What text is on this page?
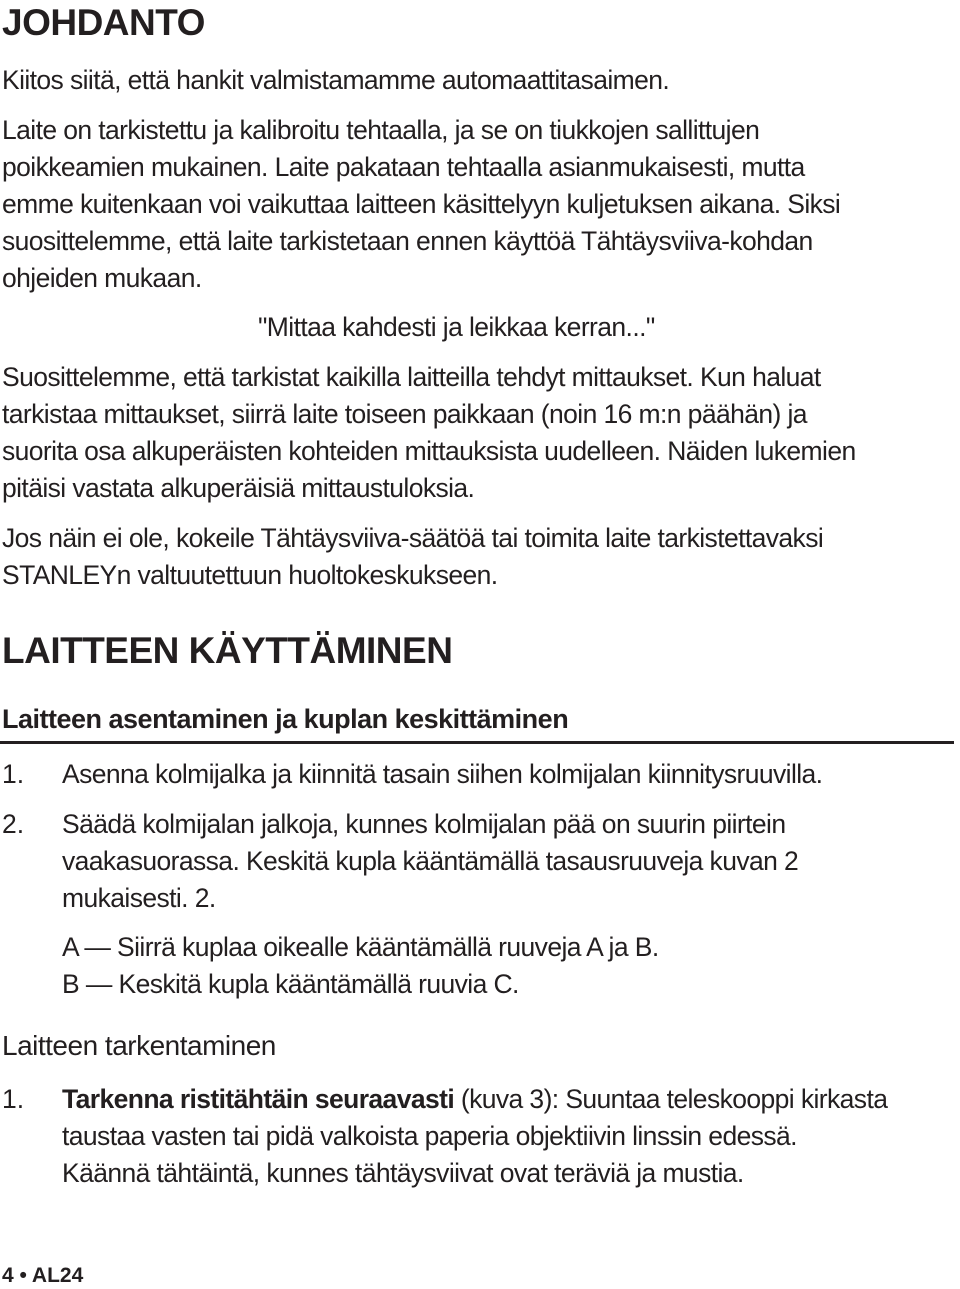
JOHDANTO
Kiitos siitä, että hankit valmistamamme automaattitasaimen.
Laite on tarkistettu ja kalibroitu tehtaalla, ja se on tiukkojen sallittujen
poikkeamien mukainen. Laite pakataan tehtaalla asianmukaisesti, mutta
emme kuitenkaan voi vaikuttaa laitteen käsittelyyn kuljetuksen aikana. Siksi
suosittelemme, että laite tarkistetaan ennen käyttöä Tähtäysviiva-kohdan
ohjeiden mukaan.
"Mittaa kahdesti ja leikkaa kerran..."
Suosittelemme, että tarkistat kaikilla laitteilla tehdyt mittaukset. Kun haluat
tarkistaa mittaukset, siirrä laite toiseen paikkaan (noin 16 m:n päähän) ja
suorita osa alkuperäisten kohteiden mittauksista uudelleen. Näiden lukemien
pitäisi vastata alkuperäisiä mittaustuloksia.
Jos näin ei ole, kokeile Tähtäysviiva-säätöä tai toimita laite tarkistettavaksi
STANLEYn valtuutettuun huoltokeskukseen.
LAITTEEN KÄYTTÄMINEN
Laitteen asentaminen ja kuplan keskittäminen
1. Asenna kolmijalka ja kiinnitä tasain siihen kolmijalan kiinnitysruuvilla.
2. Säädä kolmijalan jalkoja, kunnes kolmijalan pää on suurin piirtein
vaakasuorassa. Keskitä kupla kääntämällä tasausruuveja kuvan 2
mukaisesti. 2.
A — Siirrä kuplaa oikealle kääntämällä ruuveja A ja B.
B — Keskitä kupla kääntämällä ruuvia C.
Laitteen tarkentaminen
1. Tarkenna ristitähtäin seuraavasti (kuva 3): Suuntaa teleskooppi kirkasta
taustaa vasten tai pidä valkoista paperia objektiivin linssin edessä.
Käännä tähtäintä, kunnes tähtäysviivat ovat teräviä ja mustia.
4 • AL24
